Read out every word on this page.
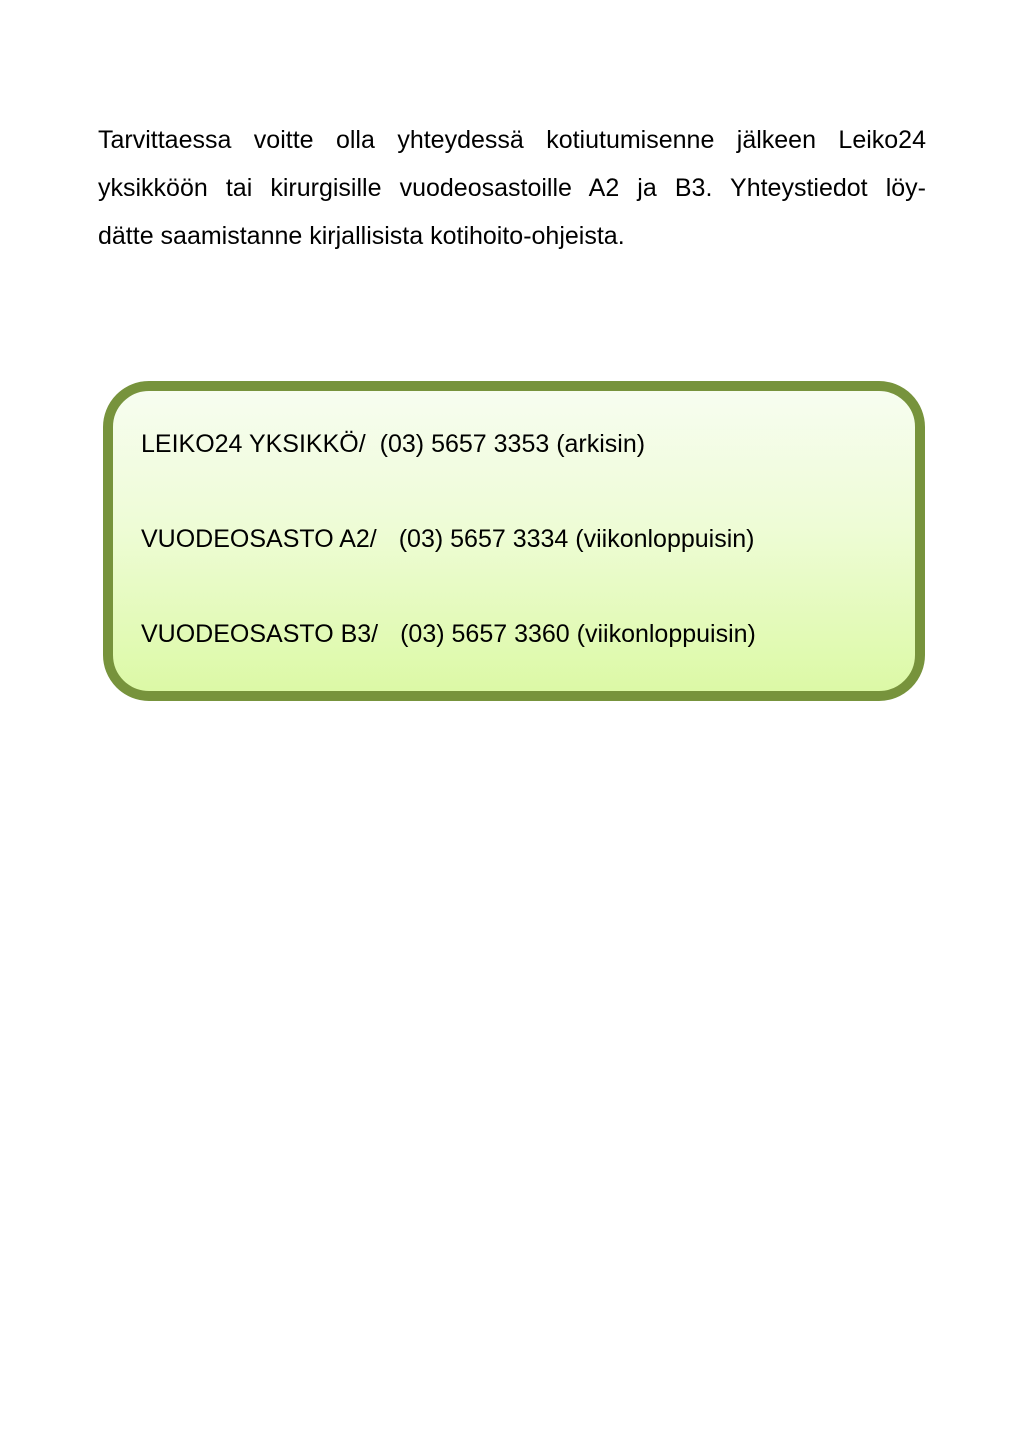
Tarvittaessa voitte olla yhteydessä kotiutumisenne jälkeen Leiko24
yksikköön tai kirurgisille vuodeosastoille A2 ja B3. Yhteystiedot löy-
dätte saamistanne kirjallisista kotihoito-ohjeista.

LEIKO24 YKSIKKÖ/ (03) 5657 3353 (arkisin)
VUODEOSASTO A2/ (03) 5657 3334 (viikonloppuisin)
VUODEOSASTO B3/ (03) 5657 3360 (viikonloppuisin)
